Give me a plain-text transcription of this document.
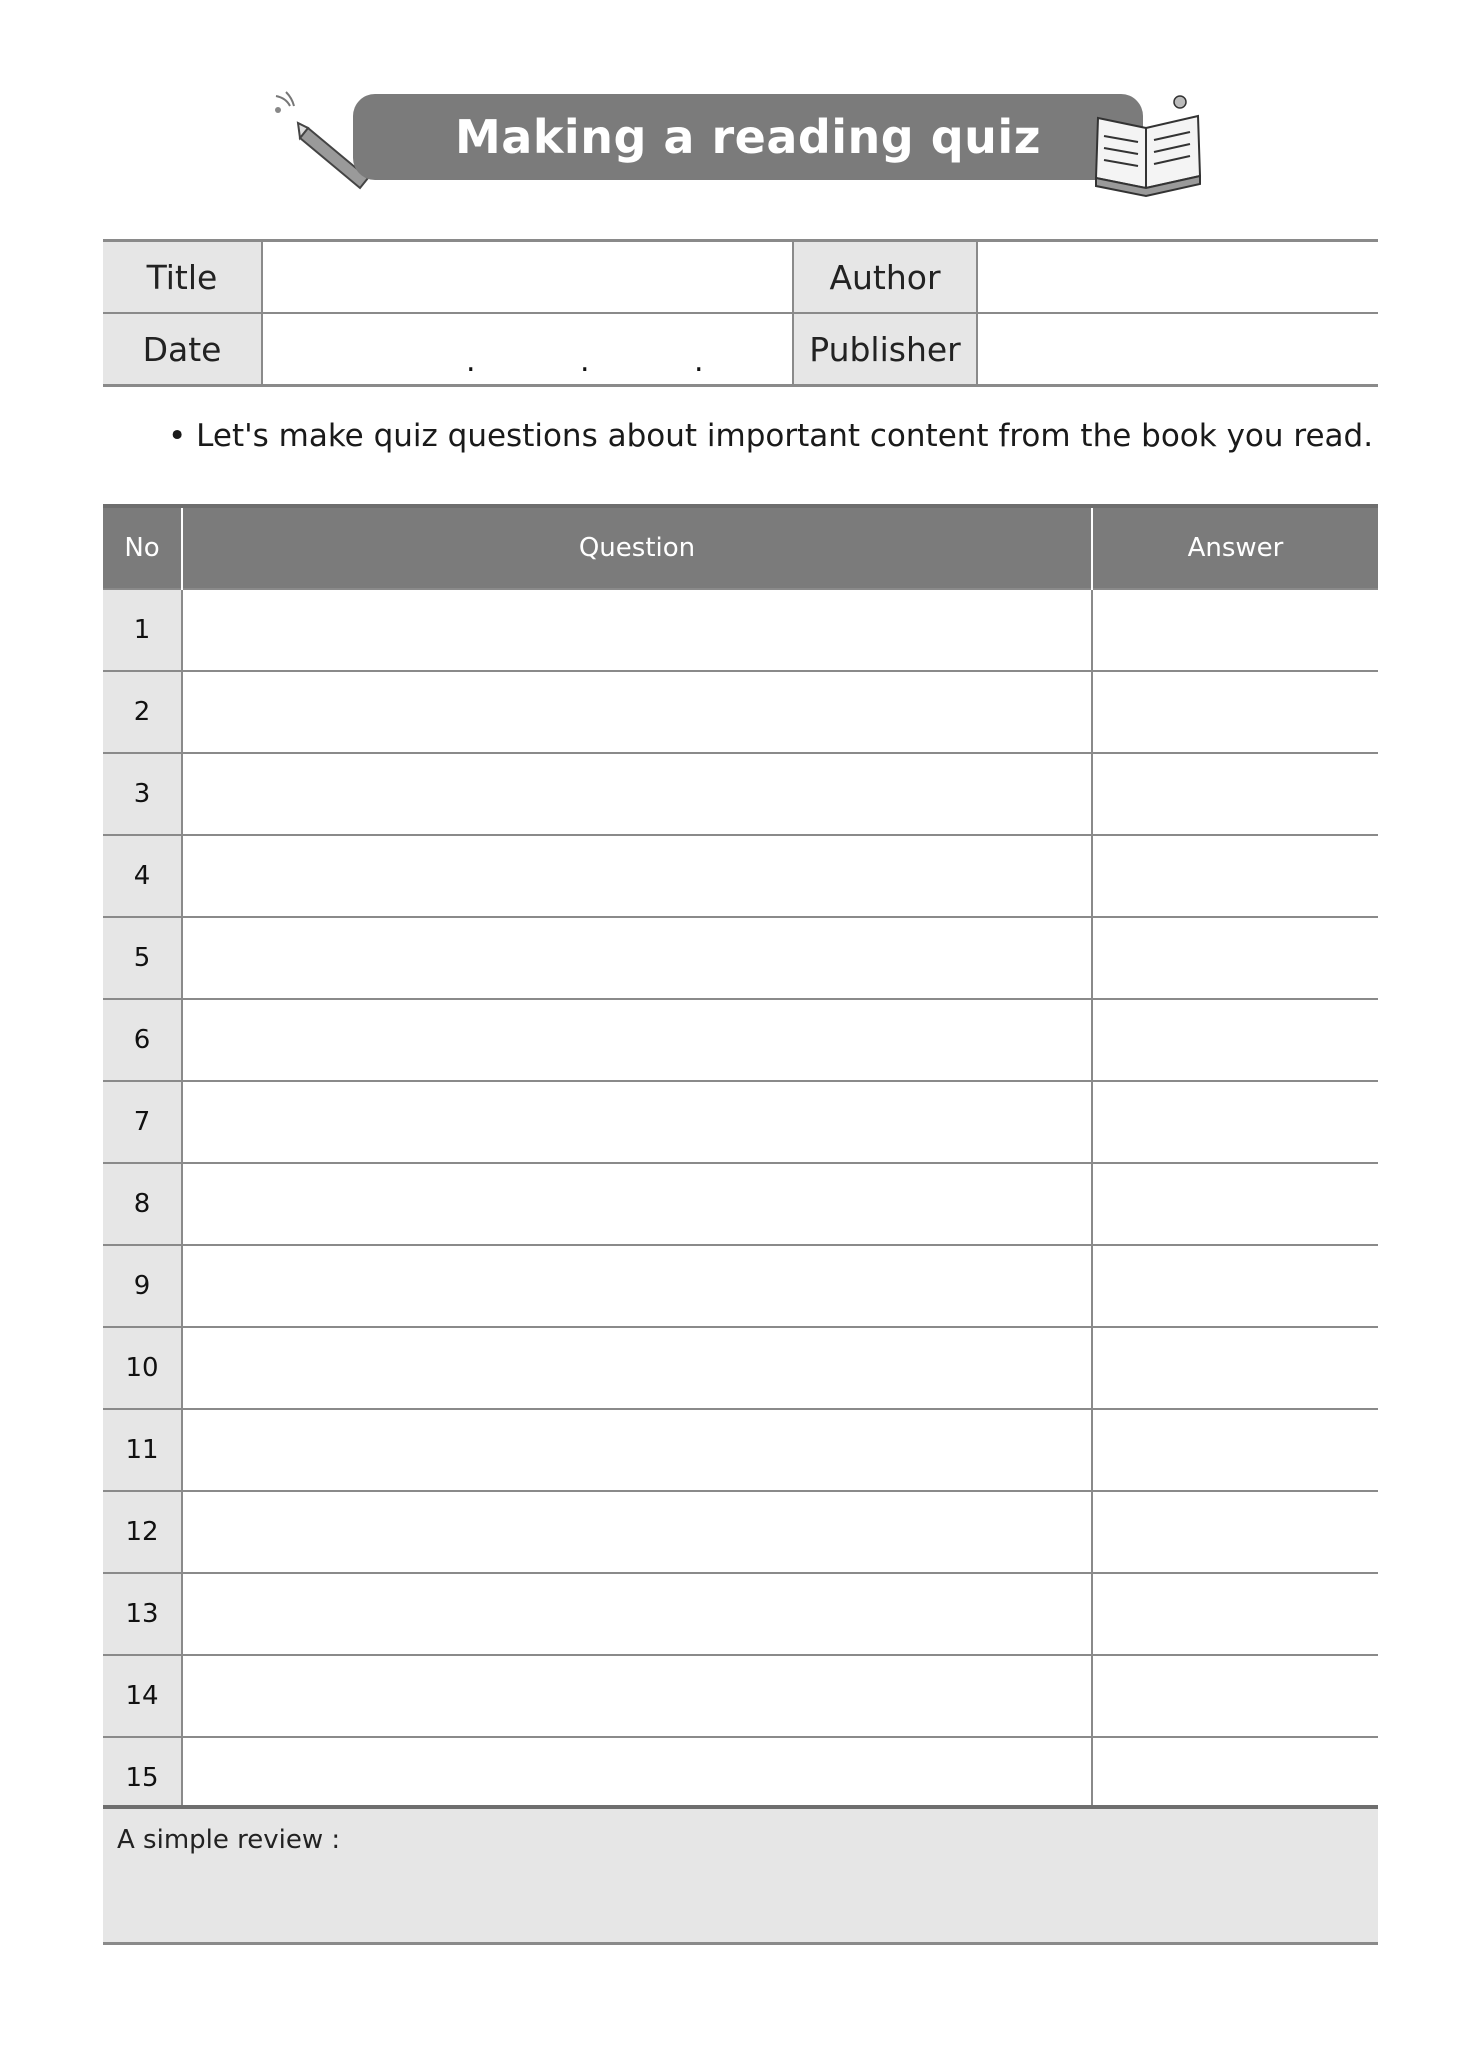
Making a reading quiz
Title		Author	
Date	. . .	Publisher	
• Let's make quiz questions about important content from the book you read.
No	Question	Answer
1		
2		
3		
4		
5		
6		
7		
8		
9		
10		
11		
12		
13		
14		
15		
A simple review :
